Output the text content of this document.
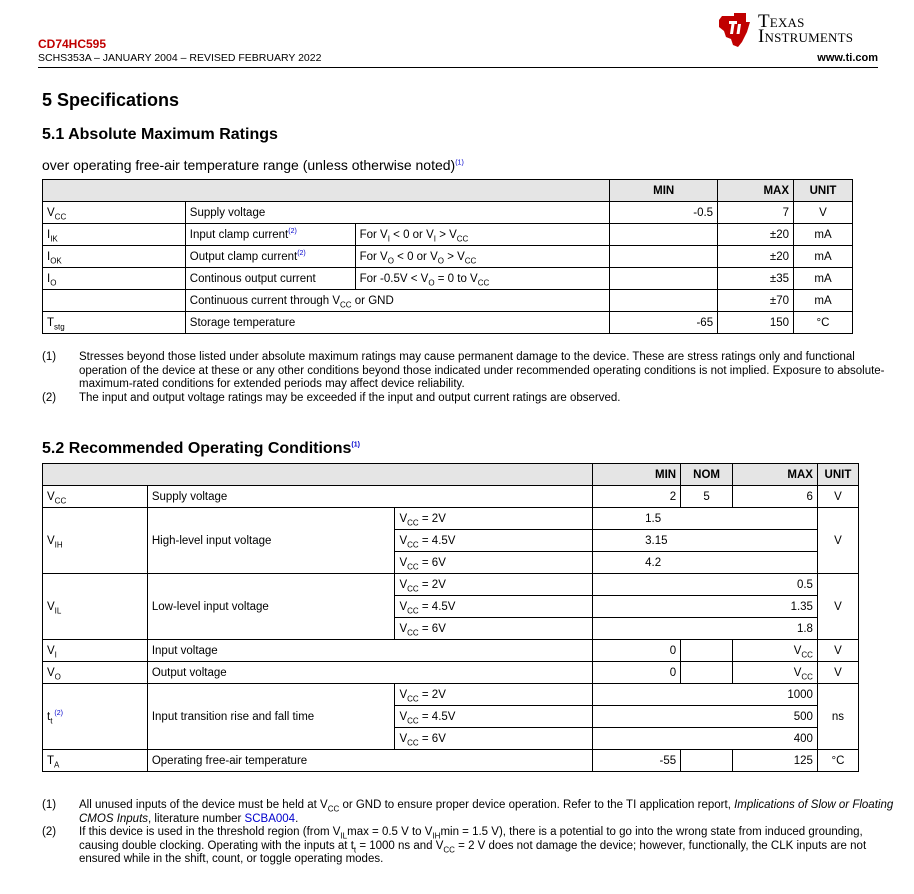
CD74HC595
SCHS353A – JANUARY 2004 – REVISED FEBRUARY 2022
Texas
Instruments
www.ti.com
5 Specifications
5.1 Absolute Maximum Ratings
over operating free-air temperature range (unless otherwise noted)$^{(1)}$
			MIN	MAX	UNIT
$V_{CC}$	Supply voltage		-0.5	7	V
$I_{IK}$	Input clamp current$^{(2)}$	For $V_I < 0$ or $V_I > V_{CC}$		±20	mA
$I_{OK}$	Output clamp current$^{(2)}$	For $V_O < 0$ or $V_O > V_{CC}$		±20	mA
$I_O$	Continous output current	For $-0.5V < V_O = 0$ to $V_{CC}$		±35	mA
	Continuous current through $V_{CC}$ or GND			±70	mA
$T_{stg}$	Storage temperature		-65	150	°C
(1)	Stresses beyond those listed under absolute maximum ratings may cause permanent damage to the device. These are stress ratings only and functional operation of the device at these or any other conditions beyond those indicated under recommended operating conditions is not implied. Exposure to absolute-maximum-rated conditions for extended periods may affect device reliability.
(2)	The input and output voltage ratings may be exceeded if the input and output current ratings are observed.
5.2 Recommended Operating Conditions$^{(1)}$
			MIN	NOM	MAX	UNIT
$V_{CC}$	Supply voltage		2	5	6	V
$V_{IH}$	High-level input voltage	$V_{CC} = 2V$	1.5			V
		$V_{CC} = 4.5V$	3.15			
		$V_{CC} = 6V$	4.2			
$V_{IL}$	Low-level input voltage	$V_{CC} = 2V$			0.5	V
		$V_{CC} = 4.5V$			1.35	
		$V_{CC} = 6V$			1.8	
$V_I$	Input voltage		0		$V_{CC}$	V
$V_O$	Output voltage		0		$V_{CC}$	V
$t_t$ $^{(2)}$	Input transition rise and fall time	$V_{CC} = 2V$			1000	ns
		$V_{CC} = 4.5V$			500	
		$V_{CC} = 6V$			400	
$T_A$	Operating free-air temperature		-55		125	°C
(1)	All unused inputs of the device must be held at $V_{CC}$ or GND to ensure proper device operation. Refer to the TI application report, Implications of Slow or Floating CMOS Inputs, literature number SCBA004.
(2)	If this device is used in the threshold region (from $V_{IL}\max = 0.5$ V to $V_{IH}\min = 1.5$ V), there is a potential to go into the wrong state from induced grounding, causing double clocking. Operating with the inputs at $t_t = 1000$ ns and $V_{CC} = 2$ V does not damage the device; however, functionally, the CLK inputs are not ensured while in the shift, count, or toggle operating modes.
